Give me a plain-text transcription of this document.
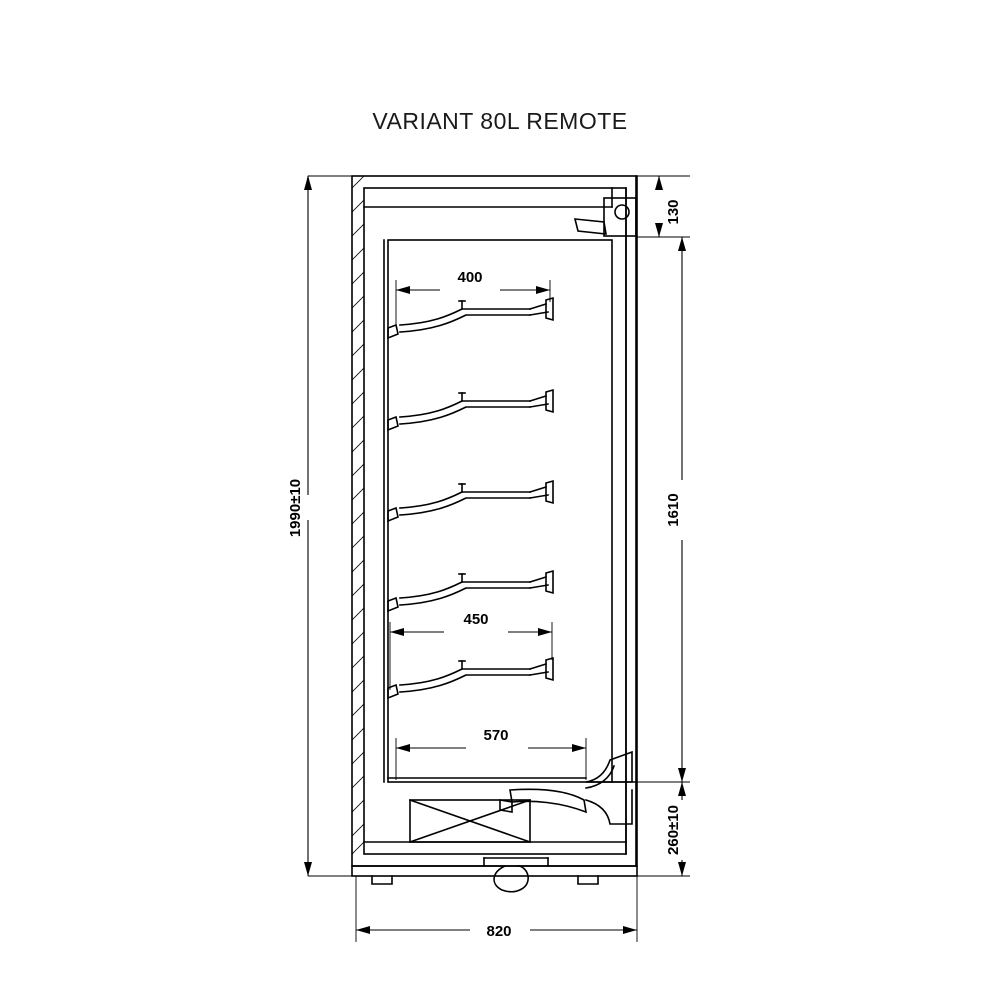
VARIANT 80L REMOTE
1990±10
130
1610
260±10
820
400
450
570
